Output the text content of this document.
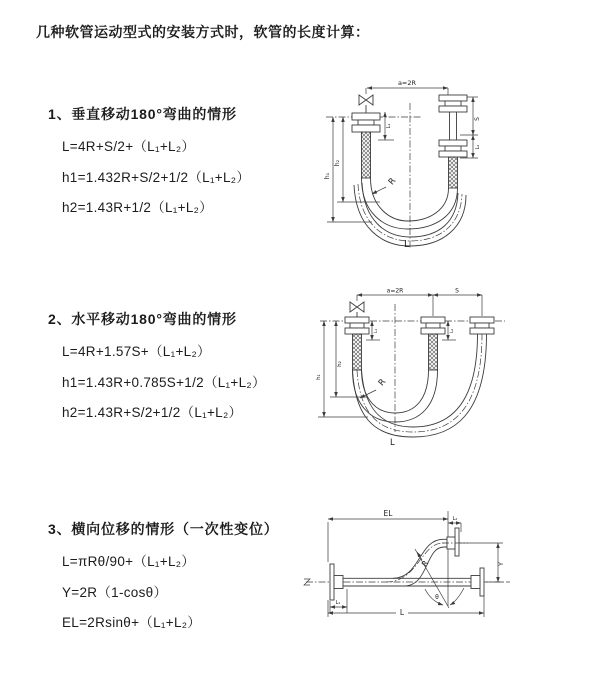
几种软管运动型式的安装方式时，软管的长度计算：
1、垂直移动180°弯曲的情形
L=4R+S/2+（L₁+L₂）
h1=1.432R+S/2+1/2（L₁+L₂）
h2=1.43R+1/2（L₁+L₂）
2、水平移动180°弯曲的情形
L=4R+1.57S+（L₁+L₂）
h1=1.43R+0.785S+1/2（L₁+L₂）
h2=1.43R+S/2+1/2（L₁+L₂）
3、横向位移的情形（一次性变位）
L=πRθ/90+（L₁+L₂）
Y=2R（1-cosθ）
EL=2Rsinθ+（L₁+L₂）
a=2R
h₁
h₂
L₁
S
L₂
R
L
a=2R	S
h₁
h₂
L₁	L₂
R
L
EL
L₂
Y
θ
R
L₁
L
